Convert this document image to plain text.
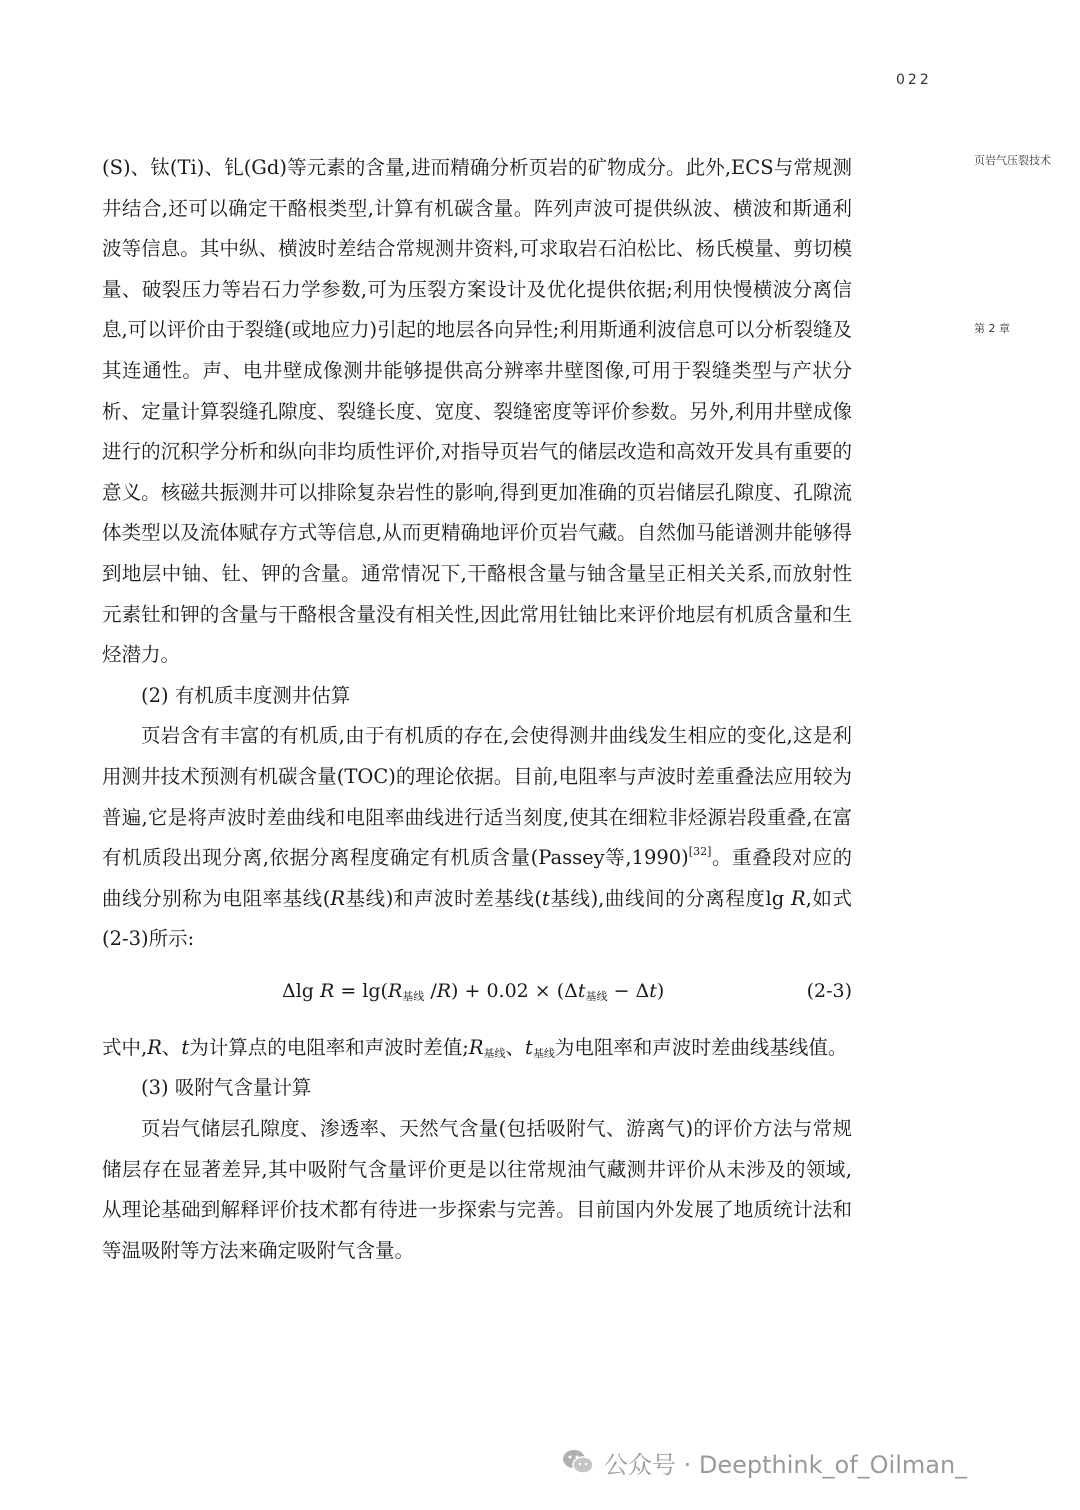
022
页岩气压裂技术
第 2 章

(S)、钛(Ti)、钆(Gd)等元素的含量,进而精确分析页岩的矿物成分。此外,ECS与常规测井结合,还可以确定干酪根类型,计算有机碳含量。阵列声波可提供纵波、横波和斯通利波等信息。其中纵、横波时差结合常规测井资料,可求取岩石泊松比、杨氏模量、剪切模量、破裂压力等岩石力学参数,可为压裂方案设计及优化提供依据;利用快慢横波分离信息,可以评价由于裂缝(或地应力)引起的地层各向异性;利用斯通利波信息可以分析裂缝及其连通性。声、电井壁成像测井能够提供高分辨率井壁图像,可用于裂缝类型与产状分析、定量计算裂缝孔隙度、裂缝长度、宽度、裂缝密度等评价参数。另外,利用井壁成像进行的沉积学分析和纵向非均质性评价,对指导页岩气的储层改造和高效开发具有重要的意义。核磁共振测井可以排除复杂岩性的影响,得到更加准确的页岩储层孔隙度、孔隙流体类型以及流体赋存方式等信息,从而更精确地评价页岩气藏。自然伽马能谱测井能够得到地层中铀、钍、钾的含量。通常情况下,干酪根含量与铀含量呈正相关关系,而放射性元素钍和钾的含量与干酪根含量没有相关性,因此常用钍铀比来评价地层有机质含量和生烃潜力。

(2) 有机质丰度测井估算

页岩含有丰富的有机质,由于有机质的存在,会使得测井曲线发生相应的变化,这是利用测井技术预测有机碳含量(TOC)的理论依据。目前,电阻率与声波时差重叠法应用较为普遍,它是将声波时差曲线和电阻率曲线进行适当刻度,使其在细粒非烃源岩段重叠,在富有机质段出现分离,依据分离程度确定有机质含量(Passey等,1990)[32]。重叠段对应的曲线分别称为电阻率基线(R基线)和声波时差基线(t基线),曲线间的分离程度lg R,如式(2-3)所示:

Δlg $R = \lg(R_{基线}$ $/R) + 0.02 \times (\Delta t_{基线} - \Delta t)$	(2-3)

式中,R、t为计算点的电阻率和声波时差值$;R_{基线}$、$t_{基线}$为电阻率和声波时差曲线基线值。

(3) 吸附气含量计算

页岩气储层孔隙度、渗透率、天然气含量(包括吸附气、游离气)的评价方法与常规储层存在显著差异,其中吸附气含量评价更是以往常规油气藏测井评价从未涉及的领域,从理论基础到解释评价技术都有待进一步探索与完善。目前国内外发展了地质统计法和等温吸附等方法来确定吸附气含量。

公众号 · Deepthink_of_Oilman_
